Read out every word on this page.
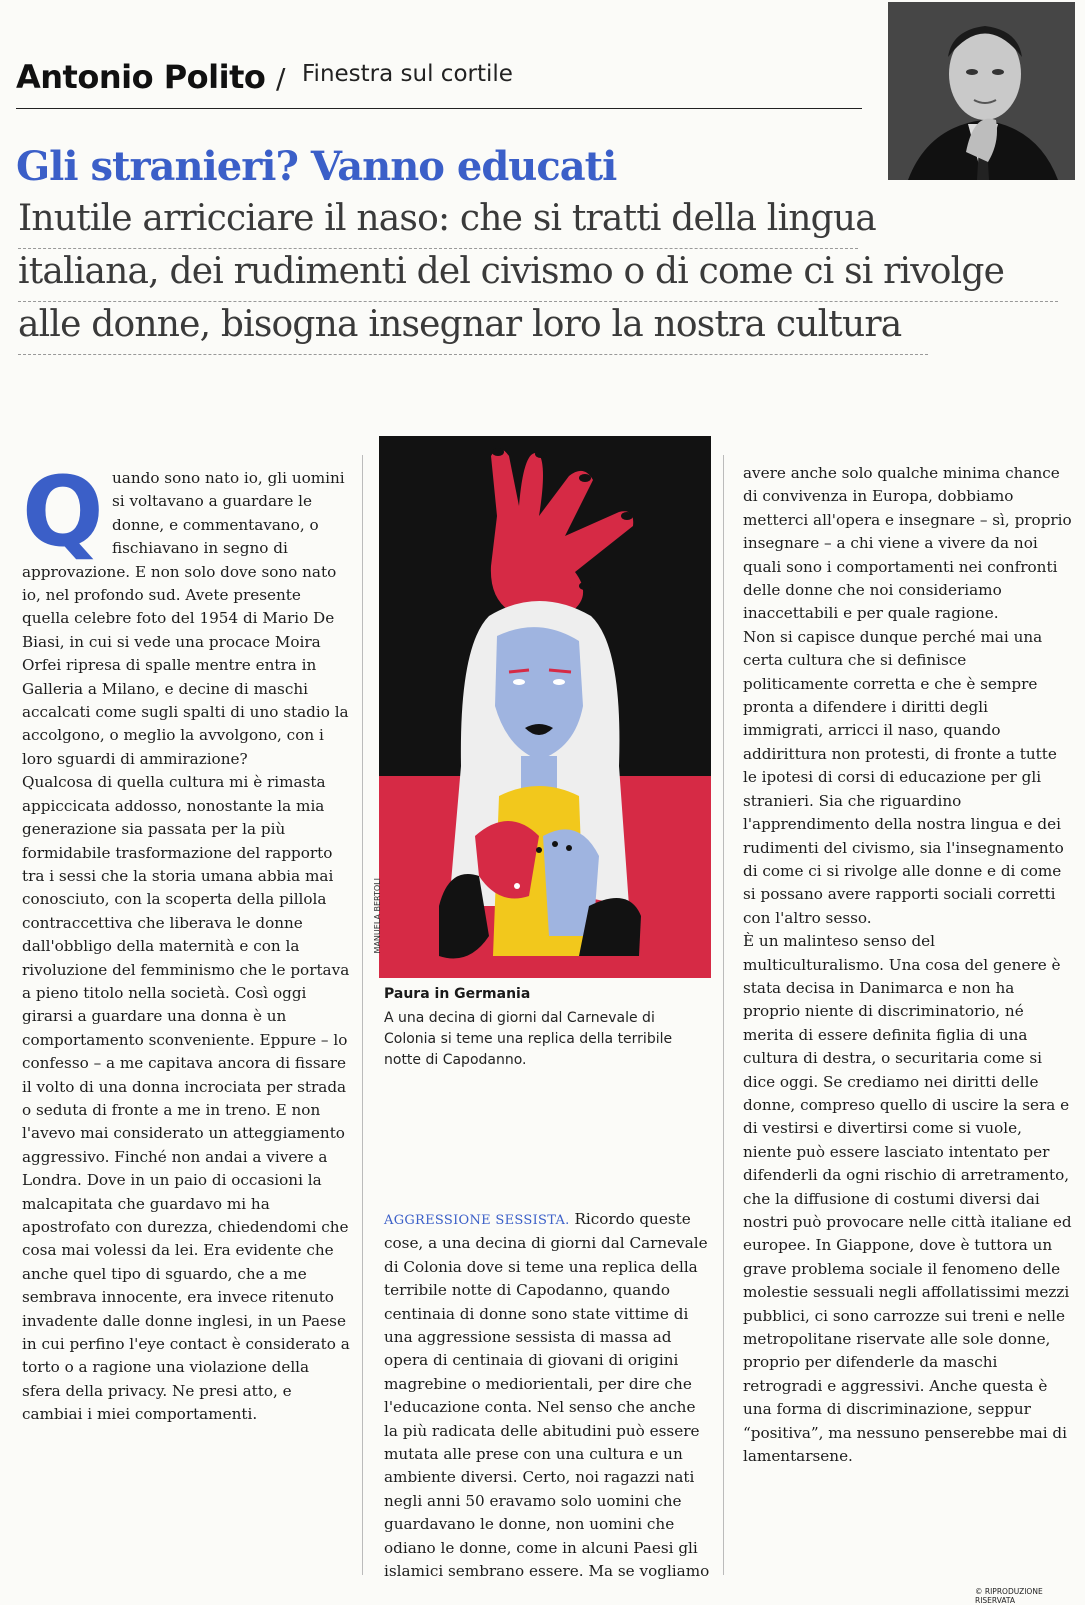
Antonio Polito / Finestra sul cortile
Gli stranieri? Vanno educati
Inutile arricciare il naso: che si tratti della lingua
italiana, dei rudimenti del civismo o di come ci si rivolge
alle donne, bisogna insegnar loro la nostra cultura
Q uando sono nato io, gli uomini si voltavano a guardare le donne, e commentavano, o fischiavano in segno di approvazione. E non solo dove sono nato io, nel profondo sud. Avete presente quella celebre foto del 1954 di Mario De Biasi, in cui si vede una procace Moira Orfei ripresa di spalle mentre entra in Galleria a Milano, e decine di maschi accalcati come sugli spalti di uno stadio la accolgono, o meglio la avvolgono, con i loro sguardi di ammirazione?

Qualcosa di quella cultura mi è rimasta appiccicata addosso, nonostante la mia generazione sia passata per la più formidabile trasformazione del rapporto tra i sessi che la storia umana abbia mai conosciuto, con la scoperta della pillola contraccettiva che liberava le donne dall'obbligo della maternità e con la rivoluzione del femminismo che le portava a pieno titolo nella società. Così oggi girarsi a guardare una donna è un comportamento sconveniente. Eppure – lo confesso – a me capitava ancora di fissare il volto di una donna incrociata per strada o seduta di fronte a me in treno. E non l'avevo mai considerato un atteggiamento aggressivo. Finché non andai a vivere a Londra. Dove in un paio di occasioni la malcapitata che guardavo mi ha apostrofato con durezza, chiedendomi che cosa mai volessi da lei. Era evidente che anche quel tipo di sguardo, che a me sembrava innocente, era invece ritenuto invadente dalle donne inglesi, in un Paese in cui perfino l'eye contact è considerato a torto o a ragione una violazione della sfera della privacy. Ne presi atto, e cambiai i miei comportamenti.

MANUELA BERTOLI
Paura in Germania
A una decina di giorni dal Carnevale di Colonia si teme una replica della terribile notte di Capodanno.

AGGRESSIONE SESSISTA. Ricordo queste cose, a una decina di giorni dal Carnevale di Colonia dove si teme una replica della terribile notte di Capodanno, quando centinaia di donne sono state vittime di una aggressione sessista di massa ad opera di centinaia di giovani di origini magrebine o mediorientali, per dire che l'educazione conta. Nel senso che anche la più radicata delle abitudini può essere mutata alle prese con una cultura e un ambiente diversi. Certo, noi ragazzi nati negli anni 50 eravamo solo uomini che guardavano le donne, non uomini che odiano le donne, come in alcuni Paesi gli islamici sembrano essere. Ma se vogliamo

avere anche solo qualche minima chance di convivenza in Europa, dobbiamo metterci all'opera e insegnare – sì, proprio insegnare – a chi viene a vivere da noi quali sono i comportamenti nei confronti delle donne che noi consideriamo inaccettabili e per quale ragione.

Non si capisce dunque perché mai una certa cultura che si definisce politicamente corretta e che è sempre pronta a difendere i diritti degli immigrati, arricci il naso, quando addirittura non protesti, di fronte a tutte le ipotesi di corsi di educazione per gli stranieri. Sia che riguardino l'apprendimento della nostra lingua e dei rudimenti del civismo, sia l'insegnamento di come ci si rivolge alle donne e di come si possano avere rapporti sociali corretti con l'altro sesso.

È un malinteso senso del multiculturalismo. Una cosa del genere è stata decisa in Danimarca e non ha proprio niente di discriminatorio, né merita di essere definita figlia di una cultura di destra, o securitaria come si dice oggi. Se crediamo nei diritti delle donne, compreso quello di uscire la sera e di vestirsi e divertirsi come si vuole, niente può essere lasciato intentato per difenderli da ogni rischio di arretramento, che la diffusione di costumi diversi dai nostri può provocare nelle città italiane ed europee. In Giappone, dove è tuttora un grave problema sociale il fenomeno delle molestie sessuali negli affollatissimi mezzi pubblici, ci sono carrozze sui treni e nelle metropolitane riservate alle sole donne, proprio per difenderle da maschi retrogradi e aggressivi. Anche questa è una forma di discriminazione, seppur “positiva”, ma nessuno penserebbe mai di lamentarsene.

© RIPRODUZIONE RISERVATA
